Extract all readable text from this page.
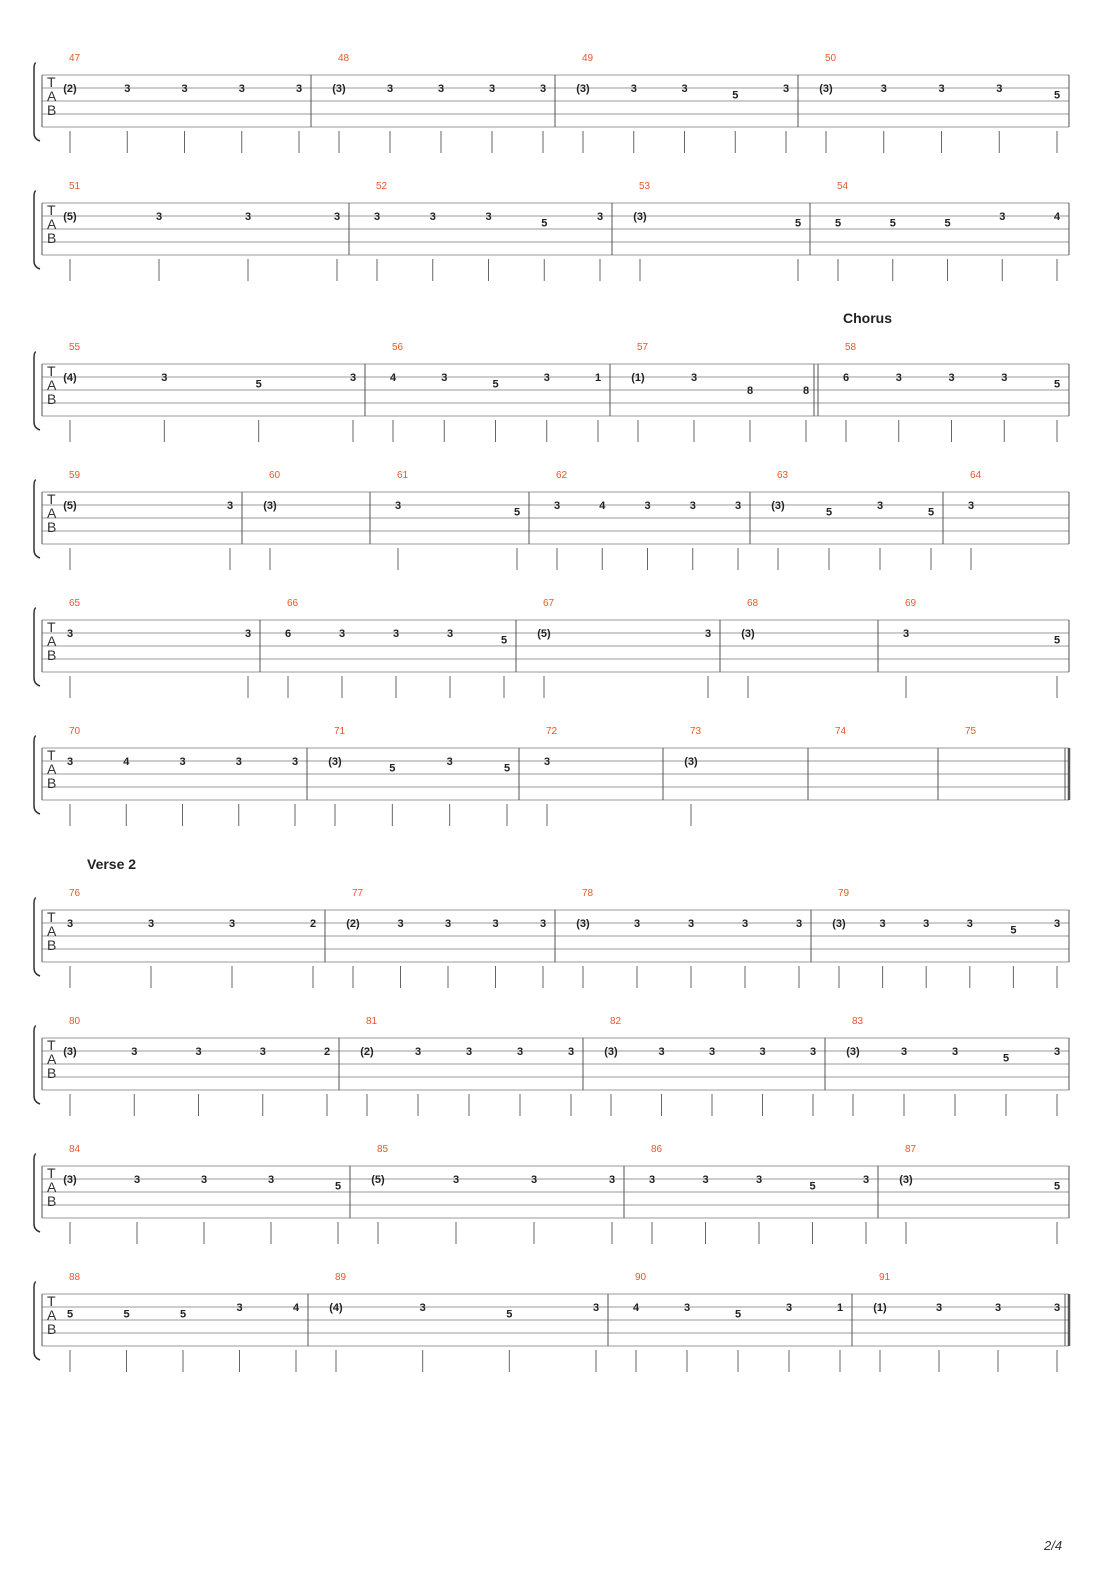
T
A
B
47
(2)	3	3	3	3
48
(3)	3	3	3	3
49
(3)	3	3
5
3
50
(3)	3	3	3
5
T
A
B
51
(5)	3	3	3
52
3	3	3
5
3
53
(3)
5
54
5	5	5
3	4
T
A
B
55
(4)	3
5
3
56
4	3
5
3	1
57
(1)	3
8	8
58
6	3	3	3
5
T
A
B
59
(5)	3
60
(3)
61
3
5
62
3	4	3	3	3
63
(3)
5
3
5
64
3
T
A
B
65
3	3
66
6	3	3	3
5
67
(5)	3
68
(3)
69
3
5
T
A
B
70
3	4	3	3	3
71
(3)
5
3
5
72
3
73
(3)
74	75
T
A
B
76
3	3	3	2
77
(2)	3	3	3	3
78
(3)	3	3	3	3
79
(3)	3	3	3
5
3
T
A
B
80
(3)	3	3	3	2
81
(2)	3	3	3	3
82
(3)	3	3	3	3
83
(3)	3	3
5
3
T
A
B
84
(3)	3	3	3
5
85
(5)	3	3	3
86
3	3	3
5
3
87
(3)
5
T
A
B
88
5	5	5
3	4
89
(4)	3
5
3
90
4	3
5
3	1
91
(1)	3	3	3
Chorus
Verse 2
2/4
